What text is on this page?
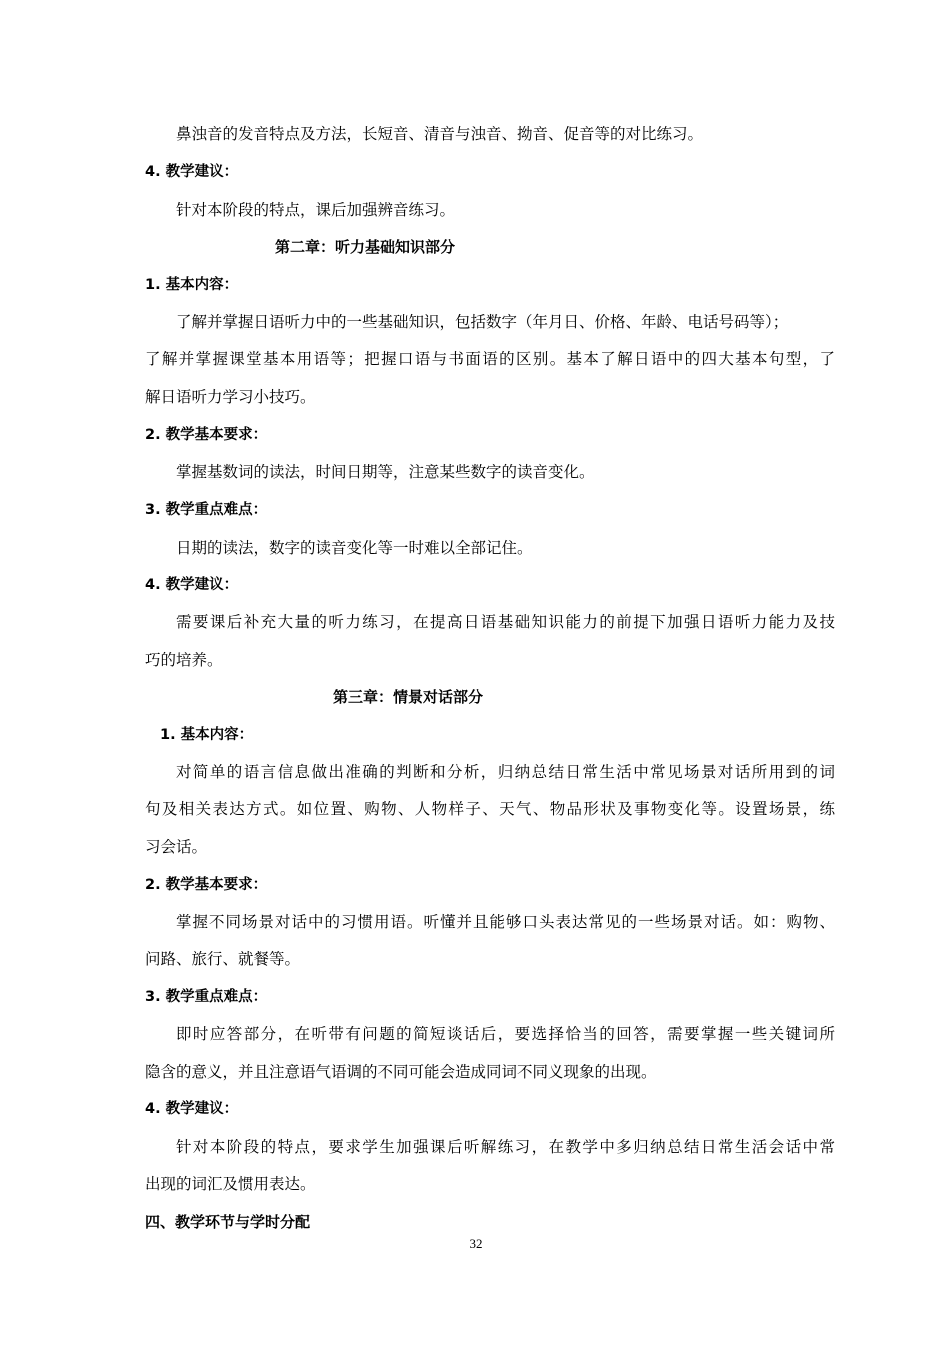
鼻浊音的发音特点及方法，长短音、清音与浊音、拗音、促音等的对比练习。
4. 教学建议：
针对本阶段的特点，课后加强辨音练习。
第二章：听力基础知识部分
1. 基本内容：
了解并掌握日语听力中的一些基础知识，包括数字（年月日、价格、年龄、电话号码等）；
了解并掌握课堂基本用语等；把握口语与书面语的区别。基本了解日语中的四大基本句型，了
解日语听力学习小技巧。
2. 教学基本要求：
掌握基数词的读法，时间日期等，注意某些数字的读音变化。
3. 教学重点难点：
日期的读法，数字的读音变化等一时难以全部记住。
4. 教学建议：
需要课后补充大量的听力练习，在提高日语基础知识能力的前提下加强日语听力能力及技
巧的培养。
第三章：情景对话部分
1. 基本内容：
对简单的语言信息做出准确的判断和分析，归纳总结日常生活中常见场景对话所用到的词
句及相关表达方式。如位置、购物、人物样子、天气、物品形状及事物变化等。设置场景，练
习会话。
2. 教学基本要求：
掌握不同场景对话中的习惯用语。听懂并且能够口头表达常见的一些场景对话。如：购物、
问路、旅行、就餐等。
3. 教学重点难点：
即时应答部分，在听带有问题的简短谈话后，要选择恰当的回答，需要掌握一些关键词所
隐含的意义，并且注意语气语调的不同可能会造成同词不同义现象的出现。
4. 教学建议：
针对本阶段的特点，要求学生加强课后听解练习，在教学中多归纳总结日常生活会话中常
出现的词汇及惯用表达。
四、教学环节与学时分配
32
